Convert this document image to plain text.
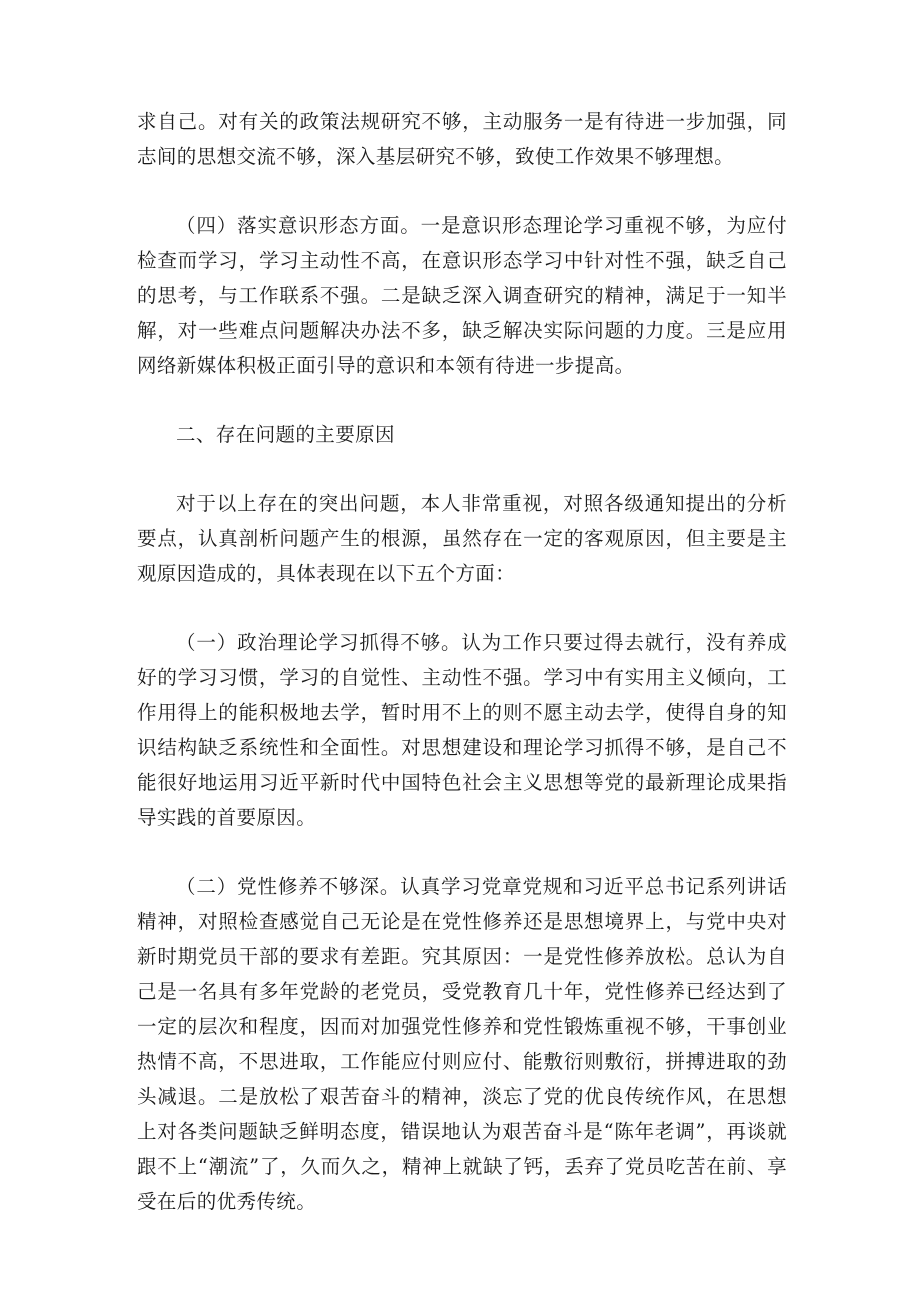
求自己。对有关的政策法规研究不够，主动服务一是有待进一步加强，同志间的思想交流不够，深入基层研究不够，致使工作效果不够理想。

（四）落实意识形态方面。一是意识形态理论学习重视不够，为应付检查而学习，学习主动性不高，在意识形态学习中针对性不强，缺乏自己的思考，与工作联系不强。二是缺乏深入调查研究的精神，满足于一知半解，对一些难点问题解决办法不多，缺乏解决实际问题的力度。三是应用网络新媒体积极正面引导的意识和本领有待进一步提高。

二、存在问题的主要原因

对于以上存在的突出问题，本人非常重视，对照各级通知提出的分析要点，认真剖析问题产生的根源，虽然存在一定的客观原因，但主要是主观原因造成的，具体表现在以下五个方面：

（一）政治理论学习抓得不够。认为工作只要过得去就行，没有养成好的学习习惯，学习的自觉性、主动性不强。学习中有实用主义倾向，工作用得上的能积极地去学，暂时用不上的则不愿主动去学，使得自身的知识结构缺乏系统性和全面性。对思想建设和理论学习抓得不够，是自己不能很好地运用习近平新时代中国特色社会主义思想等党的最新理论成果指导实践的首要原因。

（二）党性修养不够深。认真学习党章党规和习近平总书记系列讲话精神，对照检查感觉自己无论是在党性修养还是思想境界上，与党中央对新时期党员干部的要求有差距。究其原因：一是党性修养放松。总认为自己是一名具有多年党龄的老党员，受党教育几十年，党性修养已经达到了一定的层次和程度，因而对加强党性修养和党性锻炼重视不够，干事创业热情不高，不思进取，工作能应付则应付、能敷衍则敷衍，拼搏进取的劲头减退。二是放松了艰苦奋斗的精神，淡忘了党的优良传统作风，在思想上对各类问题缺乏鲜明态度，错误地认为艰苦奋斗是“陈年老调”，再谈就跟不上“潮流”了，久而久之，精神上就缺了钙，丢弃了党员吃苦在前、享受在后的优秀传统。
